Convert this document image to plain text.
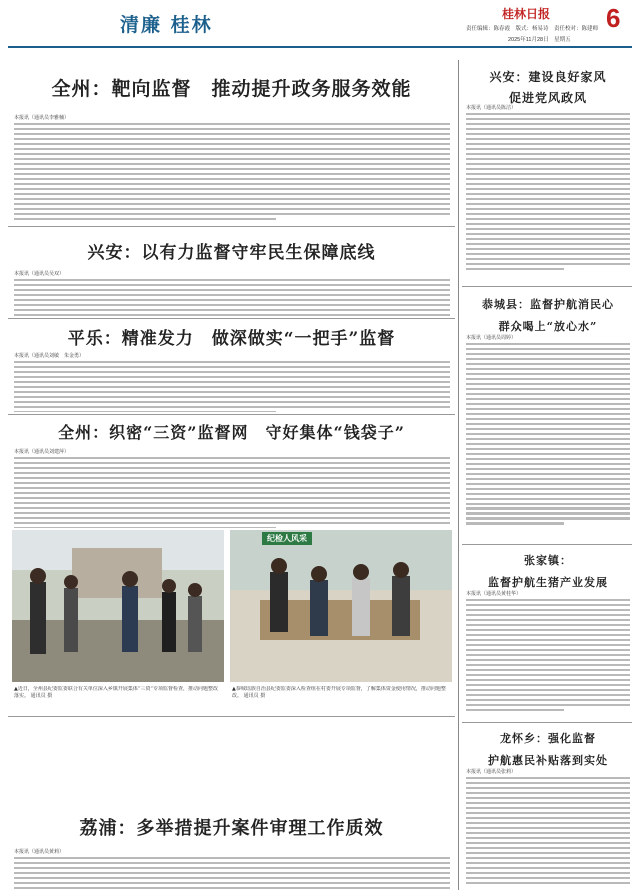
清廉 桂林	桂林日报 6
责任编辑：陈春霞　版式：杨易诗　责任校对：陈建师
2025年11月28日　星期五
全州：靶向监督　推动提升政务服务效能
本报讯（通讯员李雅楠）
兴安：以有力监督守牢民生保障底线
本报讯（通讯员吴双）
平乐：精准发力　做深做实“一把手”监督
本报讯（通讯员刘敏　朱金勇）
全州：织密“三资”监督网　守好集体“钱袋子”
本报讯（通讯员刘建萍）
▲近日，全州县纪委监委联合有关单位深入乡镇开展集体“三资”专项监督检查，推动问题整改落实。 通讯员 摄
纪检人风采
▲恭城瑶族自治县纪委监委深入检查组在村委开展专项监督，了解集体资金使用情况，推动问题整改。 通讯员 摄
荔浦：多举措提升案件审理工作质效
本报讯（通讯员黄莉）
兴安：建设良好家风
促进党风政风
本报讯（通讯员陈洁）
恭城县：监督护航消民心
群众喝上“放心水”
本报讯（通讯员周婷）
张家镇：
监督护航生猪产业发展
本报讯（通讯员黄桂华）
龙怀乡：强化监督
护航惠民补贴落到实处
本报讯（通讯员张莉）
